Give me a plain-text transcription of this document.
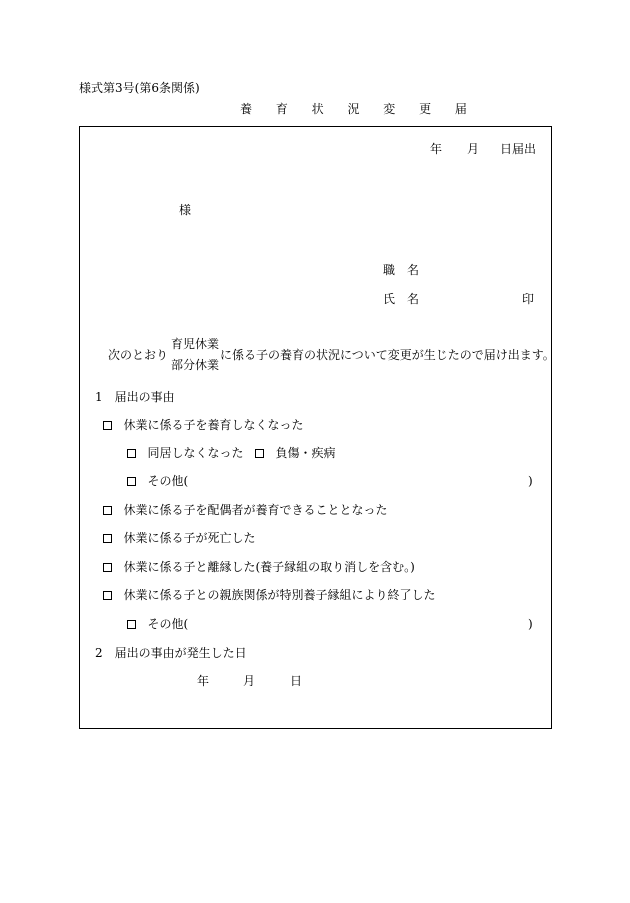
様式第3号(第6条関係)
養 育 状 況 変 更 届
年 月 日届出
様
職　名
氏　名	印
次のとおり
育児休業
部分休業
に係る子の養育の状況について変更が生じたので届け出ます。
1　届出の事由
休業に係る子を養育しなくなった
同居しなくなった	負傷・疾病
その他(	)
休業に係る子を配偶者が養育できることとなった
休業に係る子が死亡した
休業に係る子と離縁した(養子縁組の取り消しを含む。)
休業に係る子との親族関係が特別養子縁組により終了した
その他(	)
2　届出の事由が発生した日
年	月	日
